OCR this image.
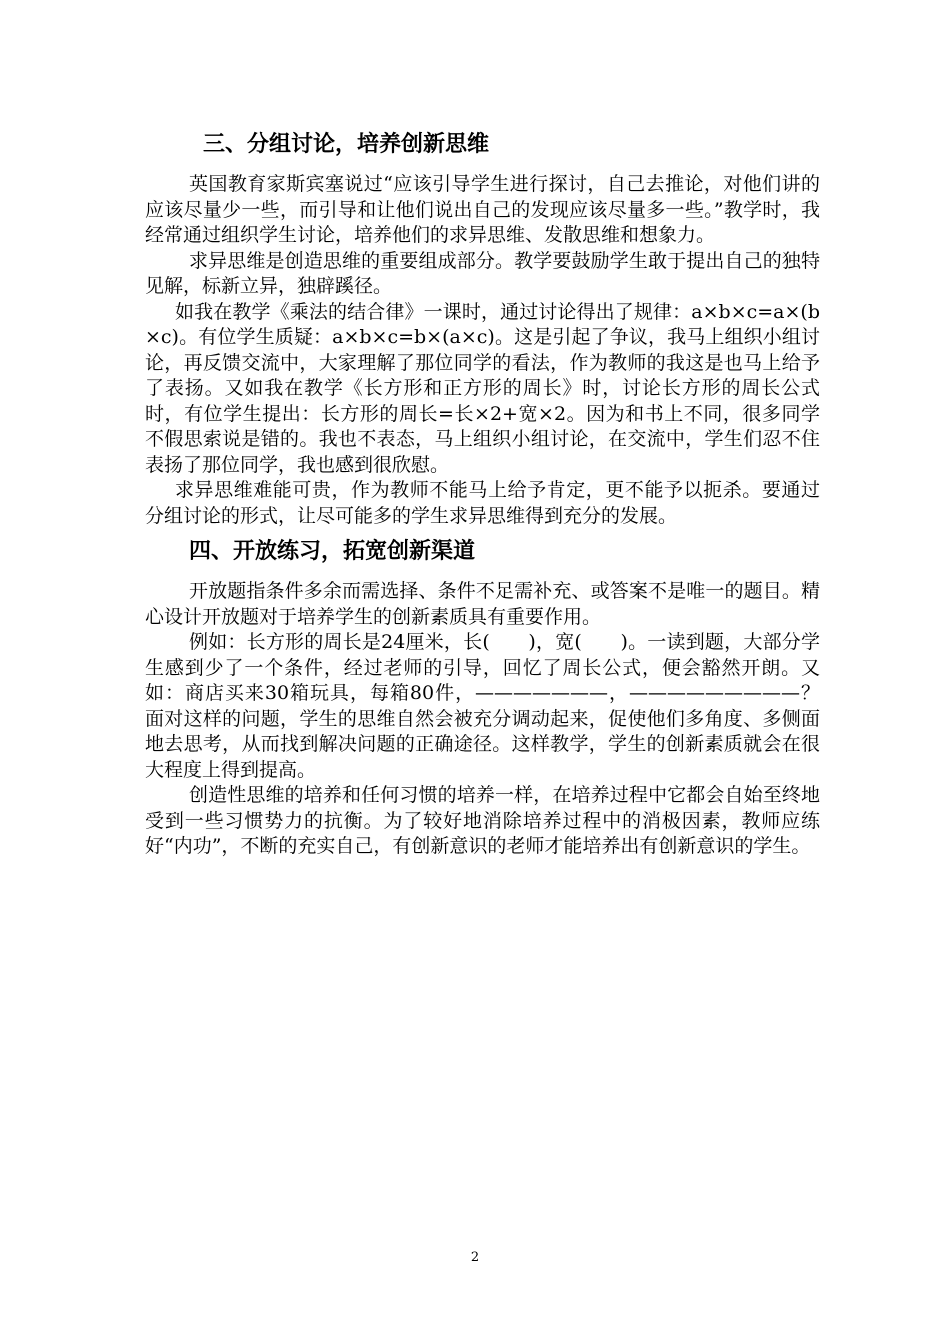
三、分组讨论，培养创新思维

英国教育家斯宾塞说过“应该引导学生进行探讨，自己去推论，对他们讲的应该尽量少一些，而引导和让他们说出自己的发现应该尽量多一些。”教学时，我经常通过组织学生讨论，培养他们的求异思维、发散思维和想象力。

求异思维是创造思维的重要组成部分。教学要鼓励学生敢于提出自己的独特见解，标新立异，独辟蹊径。

如我在教学《乘法的结合律》一课时，通过讨论得出了规律：a×b×c=a×(b×c)。有位学生质疑：a×b×c=b×(a×c)。这是引起了争议，我马上组织小组讨论，再反馈交流中，大家理解了那位同学的看法，作为教师的我这是也马上给予了表扬。又如我在教学《长方形和正方形的周长》时，讨论长方形的周长公式时，有位学生提出：长方形的周长=长×2+宽×2。因为和书上不同，很多同学不假思索说是错的。我也不表态，马上组织小组讨论，在交流中，学生们忍不住表扬了那位同学，我也感到很欣慰。

求异思维难能可贵，作为教师不能马上给予肯定，更不能予以扼杀。要通过分组讨论的形式，让尽可能多的学生求异思维得到充分的发展。

四、开放练习，拓宽创新渠道

开放题指条件多余而需选择、条件不足需补充、或答案不是唯一的题目。精心设计开放题对于培养学生的创新素质具有重要作用。

例如：长方形的周长是24厘米，长(　　)，宽(　　)。一读到题，大部分学生感到少了一个条件，经过老师的引导，回忆了周长公式，便会豁然开朗。又如：商店买来30箱玩具，每箱80件，———————，—————————？面对这样的问题，学生的思维自然会被充分调动起来，促使他们多角度、多侧面地去思考，从而找到解决问题的正确途径。这样教学，学生的创新素质就会在很大程度上得到提高。

创造性思维的培养和任何习惯的培养一样，在培养过程中它都会自始至终地受到一些习惯势力的抗衡。为了较好地消除培养过程中的消极因素，教师应练好“内功”，不断的充实自己，有创新意识的老师才能培养出有创新意识的学生。

2
